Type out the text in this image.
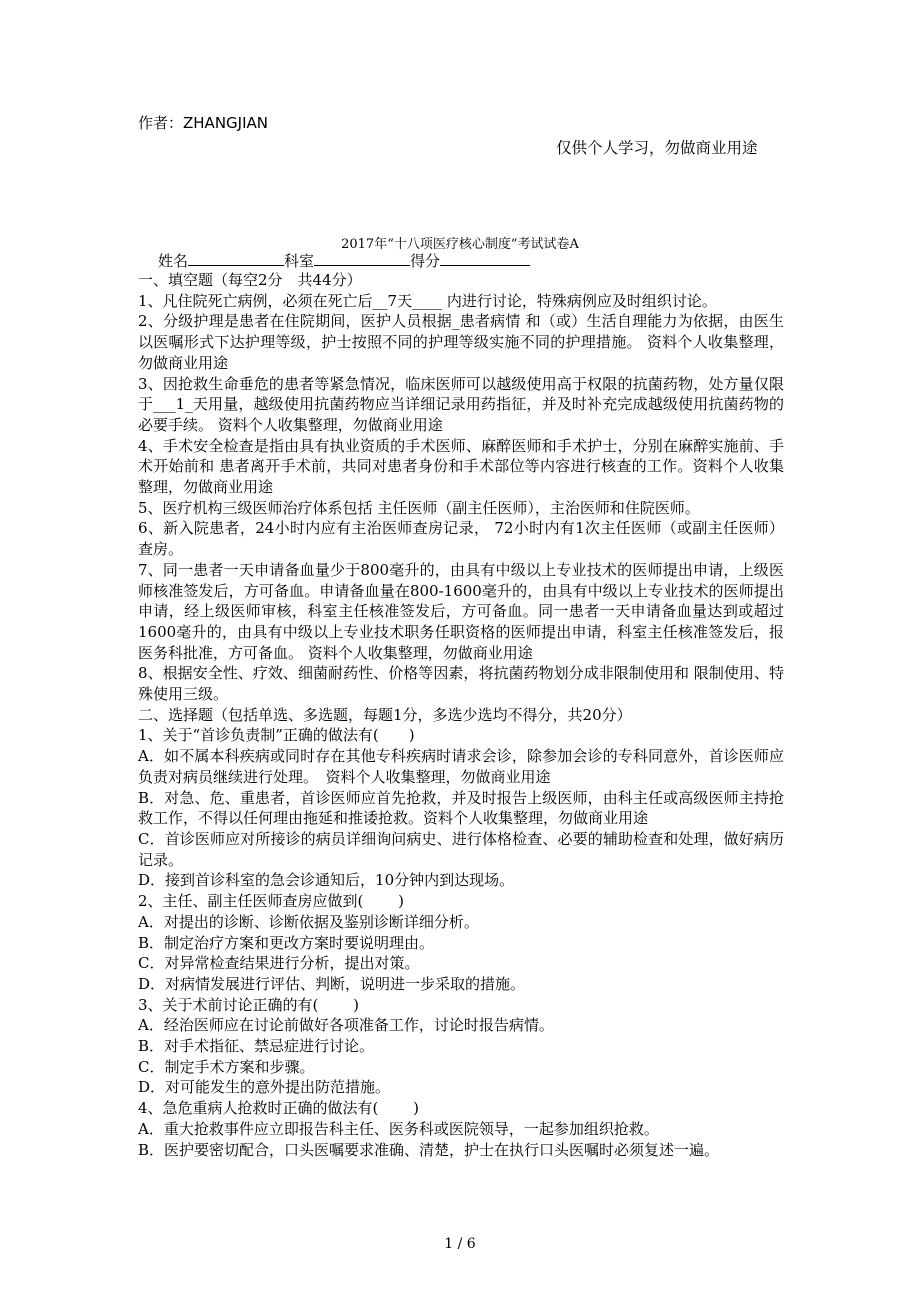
作者：ZHANGJIAN
仅供个人学习，勿做商业用途
2017年“十八项医疗核心制度”考试试卷A
姓名	科室	得分

一、填空题（每空2分　共44分）

1、凡住院死亡病例，必须在死亡后__7天____ 内进行讨论，特殊病例应及时组织讨论。

2、分级护理是患者在住院期间，医护人员根据_患者病情 和（或）生活自理能力为依据，由医生以医嘱形式下达护理等级，护士按照不同的护理等级实施不同的护理措施。 资料个人收集整理，勿做商业用途

3、因抢救生命垂危的患者等紧急情况，临床医师可以越级使用高于权限的抗菌药物，处方量仅限于___1_天用量，越级使用抗菌药物应当详细记录用药指征，并及时补充完成越级使用抗菌药物的必要手续。 资料个人收集整理，勿做商业用途

4、手术安全检查是指由具有执业资质的手术医师、麻醉医师和手术护士，分别在麻醉实施前、手术开始前和 患者离开手术前，共同对患者身份和手术部位等内容进行核查的工作。资料个人收集整理，勿做商业用途

5、医疗机构三级医师治疗体系包括 主任医师（副主任医师），主治医师和住院医师。

6、新入院患者，24小时内应有主治医师查房记录， 72小时内有1次主任医师（或副主任医师）查房。

7、同一患者一天申请备血量少于800毫升的，由具有中级以上专业技术的医师提出申请，上级医师核准签发后，方可备血。申请备血量在800-1600毫升的，由具有中级以上专业技术的医师提出申请，经上级医师审核，科室主任核准签发后，方可备血。同一患者一天申请备血量达到或超过1600毫升的，由具有中级以上专业技术职务任职资格的医师提出申请，科室主任核准签发后，报医务科批准，方可备血。 资料个人收集整理，勿做商业用途

8、根据安全性、疗效、细菌耐药性、价格等因素，将抗菌药物划分成非限制使用和 限制使用、特殊使用三级。

二、选择题（包括单选、多选题，每题1分，多选少选均不得分，共20分）

1、关于“首诊负责制”正确的做法有(　　)

A．如不属本科疾病或同时存在其他专科疾病时请求会诊，除参加会诊的专科同意外，首诊医师应负责对病员继续进行处理。　资料个人收集整理，勿做商业用途

B．对急、危、重患者，首诊医师应首先抢救，并及时报告上级医师，由科主任或高级医师主持抢救工作，不得以任何理由拖延和推诿抢救。资料个人收集整理，勿做商业用途

C．首诊医师应对所接诊的病员详细询问病史、进行体格检查、必要的辅助检查和处理，做好病历记录。

D．接到首诊科室的急会诊通知后，10分钟内到达现场。

2、主任、副主任医师查房应做到(　　 )

A．对提出的诊断、诊断依据及鉴别诊断详细分析。

B．制定治疗方案和更改方案时要说明理由。

C．对异常检查结果进行分析，提出对策。

D．对病情发展进行评估、判断，说明进一步采取的措施。

3、关于术前讨论正确的有(　　 )

A．经治医师应在讨论前做好各项准备工作，讨论时报告病情。

B．对手术指征、禁忌症进行讨论。

C．制定手术方案和步骤。

D．对可能发生的意外提出防范措施。

4、急危重病人抢救时正确的做法有(　　 )

A．重大抢救事件应立即报告科主任、医务科或医院领导，一起参加组织抢救。

B．医护要密切配合，口头医嘱要求准确、清楚，护士在执行口头医嘱时必须复述一遍。

1 / 6
